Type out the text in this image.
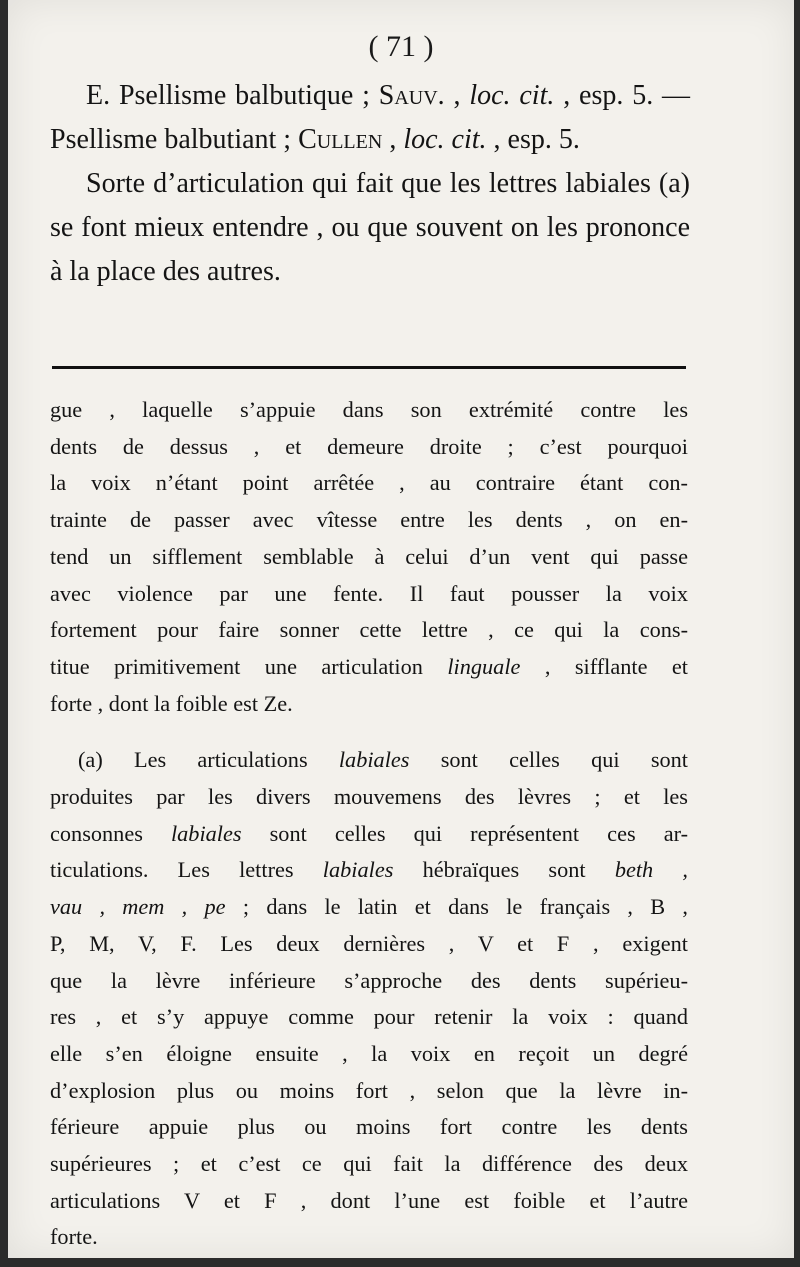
( 71 )

E. Psellisme balbutique ; Sauv. , loc. cit. , esp. 5. — Psellisme balbutiant ; Cullen , loc. cit. , esp. 5.

Sorte d’articulation qui fait que les lettres labiales (a) se font mieux entendre , ou que souvent on les prononce à la place des autres.

gue , laquelle s’appuie dans son extrémité contre les
dents de dessus , et demeure droite ; c’est pourquoi
la voix n’étant point arrêtée , au contraire étant con-
trainte de passer avec vîtesse entre les dents , on en-
tend un sifflement semblable à celui d’un vent qui passe
avec violence par une fente. Il faut pousser la voix
fortement pour faire sonner cette lettre , ce qui la cons-
titue primitivement une articulation linguale , sifflante et
forte , dont la foible est Ze.

(a) Les articulations labiales sont celles qui sont

produites par les divers mouvemens des lèvres ; et les
consonnes labiales sont celles qui représentent ces ar-
ticulations. Les lettres labiales hébraïques sont beth ,
vau , mem , pe ; dans le latin et dans le français , B ,
P, M, V, F. Les deux dernières , V et F , exigent
que la lèvre inférieure s’approche des dents supérieu-
res , et s’y appuye comme pour retenir la voix : quand
elle s’en éloigne ensuite , la voix en reçoit un degré
d’explosion plus ou moins fort , selon que la lèvre in-
férieure appuie plus ou moins fort contre les dents
supérieures ; et c’est ce qui fait la différence des deux
articulations V et F , dont l’une est foible et l’autre
forte.
